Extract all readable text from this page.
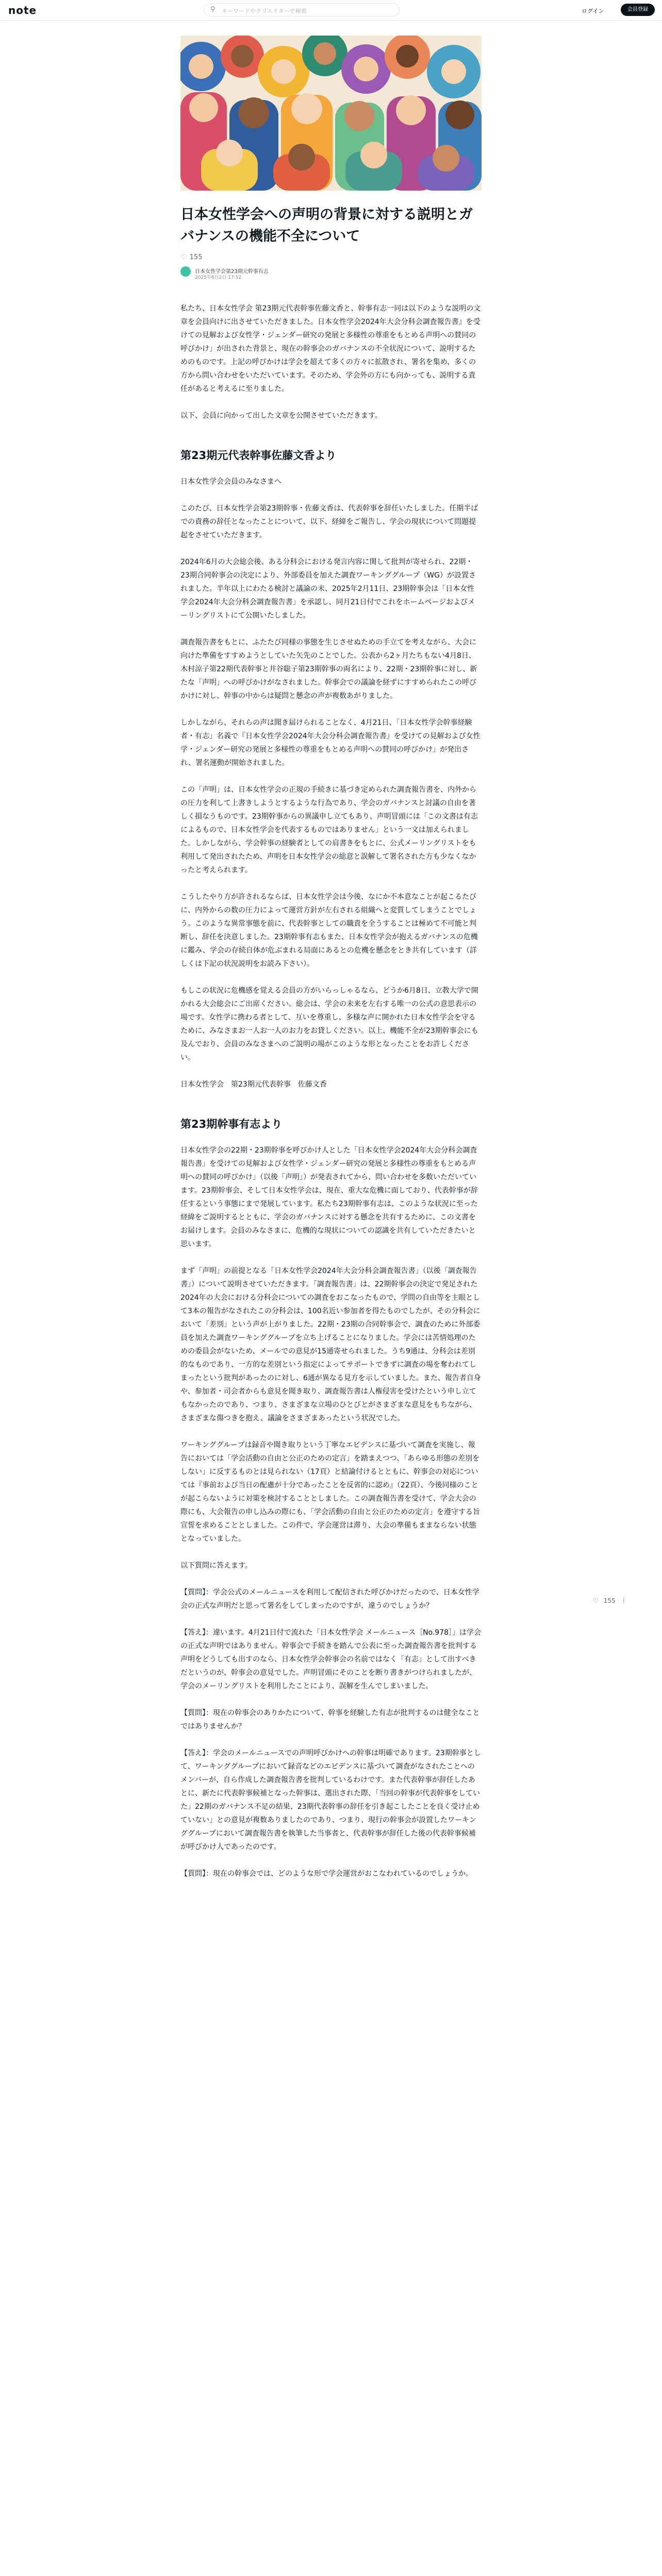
note	⚲ キーワードやクリエイターで検索	ログイン	会員登録
日本女性学会への声明の背景に対する説明とガバナンスの機能不全について
♡ 155
日本女性学会第23期元幹事有志
2025年6月2日 17:52

私たち、日本女性学会 第23期元代表幹事佐藤文香と、幹事有志一同は以下のような説明の文章を会員向けに出させていただきました。日本女性学会2024年大会分科会調査報告書』を受けての見解および女性学・ジェンダー研究の発展と多様性の尊重をもとめる声明への賛同の呼びかけ」が出された背景と、現在の幹事会のガバナンスの不全状況について、説明するためのものです。上記の呼びかけは学会を超えて多くの方々に拡散され、署名を集め、多くの方から問い合わせをいただいています。そのため、学会外の方にも向かっても、説明する責任があると考えるに至りました。

以下、会員に向かって出した文章を公開させていただきます。

第23期元代表幹事佐藤文香より

日本女性学会会員のみなさまへ

このたび、日本女性学会第23期幹事・佐藤文香は、代表幹事を辞任いたしました。任期半ばでの責務の辞任となったことについて、以下、経緯をご報告し、学会の現状について問題提起をさせていただきます。

2024年6月の大会総会後、ある分科会における発言内容に関して批判が寄せられ、22期・23期合同幹事会の決定により、外部委員を加えた調査ワーキンググループ（WG）が設置されました。半年以上にわたる検討と議論の末、2025年2月11日、23期幹事会は「日本女性学会2024年大会分科会調査報告書」を承認し、同月21日付でこれをホームページおよびメーリングリストにて公開いたしました。

調査報告書をもとに、ふたたび同様の事態を生じさせぬための手立てを考えながら、大会に向けた準備をすすめようとしていた矢先のことでした。公表から2ヶ月たちもない4月8日、木村涼子第22期代表幹事と井谷聡子第23期幹事の両名により、22期・23期幹事に対し、新たな「声明」への呼びかけがなされました。幹事会での議論を経ずにすすめられたこの呼びかけに対し、幹事の中からは疑問と懸念の声が複数あがりました。

しかしながら、それらの声は聞き届けられることなく、4月21日、「日本女性学会幹事経験者・有志」名義で『日本女性学会2024年大会分科会調査報告書』を受けての見解および女性学・ジェンダー研究の発展と多様性の尊重をもとめる声明への賛同の呼びかけ」が発出され、署名運動が開始されました。

この「声明」は、日本女性学会の正規の手続きに基づき定められた調査報告書を、内外からの圧力を利して上書きしようとするような行為であり、学会のガバナンスと討議の自由を著しく損なうものです。23期幹事からの異議申し立てもあり、声明冒頭には「この文書は有志によるもので、日本女性学会を代表するものではありません」という一文は加えられました。しかしながら、学会幹事の経験者としての肩書きをもとに、公式メーリングリストをも利用して発出されたため、声明を日本女性学会の総意と誤解して署名された方も少なくなかったと考えられます。

こうしたやり方が許されるならば、日本女性学会は今後、なにか不本意なことが起こるたびに、内外からの数の圧力によって運営方針が左右される組織へと変質してしまうことでしょう。このような異常事態を前に、代表幹事としての職責を全うすることは極めて不可能と判断し、辞任を決意しました。23期幹事有志もまた、日本女性学会が抱えるガバナンスの危機に鑑み、学会の存続自体が危ぶまれる局面にあるとの危機を懸念をとき共有しています（詳しくは下記の状況説明をお読み下さい）。

もしこの状況に危機感を覚える会員の方がいらっしゃるなら、どうか6月8日、立教大学で開かれる大会総会にご出席ください。総会は、学会の未来を左右する唯一の公式の意思表示の場です。女性学に携わる者として、互いを尊重し、多様な声に開かれた日本女性学会を守るために、みなさまお一人お一人のお力をお貸しください。以上、機能不全が23期幹事会にも及んでおり、会員のみなさまへのご説明の場がこのような形となったことをお許しください。

日本女性学会　第23期元代表幹事　佐藤文香

第23期幹事有志より

日本女性学会の22期・23期幹事を呼びかけ人とした「日本女性学会2024年大会分科会調査報告書」を受けての見解および女性学・ジェンダー研究の発展と多様性の尊重をもとめる声明への賛同の呼びかけ」（以後「声明」）が発表されてから、問い合わせを多数いただいています。23期幹事会、そして日本女性学会は、現在、重大な危機に面しており、代表幹事が辞任するという事態にまで発展しています。私たち23期幹事有志は、このような状況に至った経緯をご説明するとともに、学会のガバナンスに対する懸念を共有するために、この文書をお届けします。会員のみなさまに、危機的な現状についての認識を共有していただきたいと思います。

まず「声明」の前提となる「日本女性学会2024年大会分科会調査報告書」（以後「調査報告書」）について説明させていただきます。「調査報告書」は、22期幹事会の決定で発足された2024年の大会における分科会についての調査をおこなったもので、学問の自由等を主眼として3本の報告がなされたこの分科会は、100名近い参加者を得たものでしたが、その分科会において「差別」という声が上がりました。22期・23期の合同幹事会で、調査のために外部委員を加えた調査ワーキンググループを立ち上げることになりました。学会には苦情処理のための委員会がないため、メールでの意見が15通寄せられました。うち9通は、分科会は差別的なものであり、一方的な差別という指定によってサポートできずに調査の場を奪われてしまったという批判があったのに対し、6通が異なる見方を示していました。また、報告者自身や、参加者・司会者からも意見を聞き取り、調査報告書は人権侵害を受けたという申し立てもなかったのであり、つまり、さまざまな立場のひとびとがさまざまな意見をもちながら、さまざまな傷つきを抱え、議論をさまざまあったという状況でした。

ワーキンググループは録音や聞き取りという丁寧なエビデンスに基づいて調査を実施し、報告においては「学会活動の自由と公正のための定言」を踏まえつつ、「あらゆる形態の差別をしない」に反するものとは見られない（17頁）と結論付けるとともに、幹事会の対応については『事前および当日の配慮が十分であったことを反省的に認め』（22頁）、今後同様のことが起こらないように対策を検討することとしました。この調査報告書を受けて、学会大会の際にも、大会報告の申し込みの際にも、「学会活動の自由と公正のための定言」を遵守する旨宣誓を求めることとしました。この件で、学会運営は滞り、大会の準備もままならない状態となっていました。

以下質問に答えます。

【質問】：学会公式のメールニュースを利用して配信された呼びかけだったので、日本女性学会の正式な声明だと思って署名をしてしまったのですが、違うのでしょうか？

【答え】：違います。4月21日付で流れた「日本女性学会 メールニュース［No.978］」は学会の正式な声明ではありません。幹事会で手続きを踏んで公表に至った調査報告書を批判する声明をどうしても出すのなら、日本女性学会幹事会の名前ではなく「有志」として出すべきだというのが、幹事会の意見でした。声明冒頭にそのことを断り書きがつけられましたが、学会のメーリングリストを利用したことにより、誤解を生んでしまいました。

【質問】：現在の幹事会のありかたについて、幹事を経験した有志が批判するのは健全なことではありませんか？

【答え】：学会のメールニュースでの声明呼びかけへの幹事は明確であります。23期幹事として、ワーキンググループにおいて録音などのエビデンスに基づいて調査がなされたことへのメンバーが、自ら作成した調査報告書を批判しているわけです。また代表幹事が辞任したあとに、新たに代表幹事候補となった幹事は、選出された際、「当回の幹事が代表幹事をしていた」22期のガバナンス不足の結果、23期代表幹事の辞任を引き起こしたことを良く受け止めていない」との意見が複数ありましたのであり、つまり、現行の幹事会が設置したワーキンググループにおいて調査報告書を執筆した当事者と、代表幹事が辞任した後の代表幹事候補が呼びかけ人であったのです。

【質問】：現在の幹事会では、どのような形で学会運営がおこなわれているのでしょうか。

♡ 155 ⋮
